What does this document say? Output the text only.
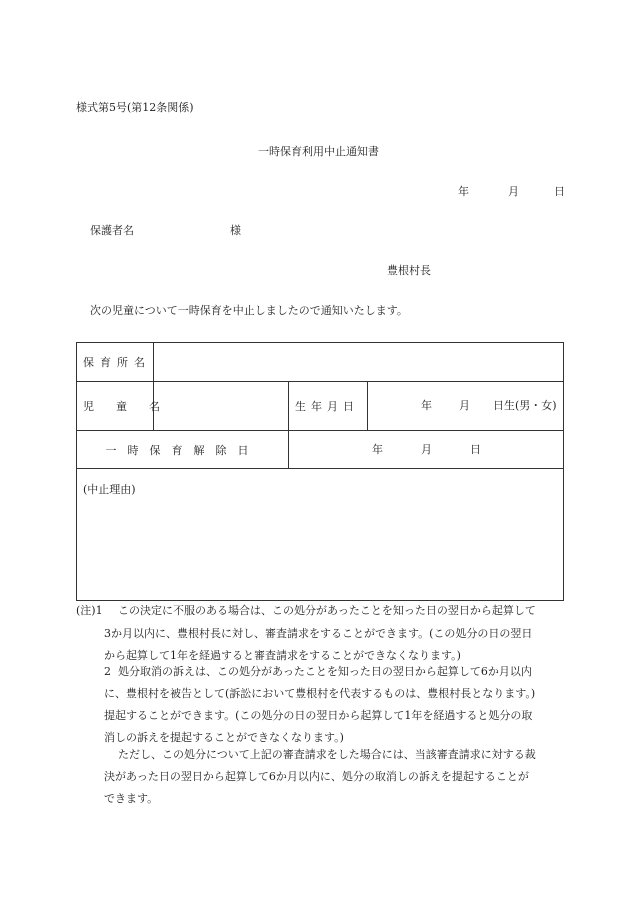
様式第5号(第12条関係)
一時保育利用中止通知書
年	月	日
保護者名	様
豊根村長
次の児童について一時保育を中止しましたので通知いたします。
保育所名			
児童名		生年月日	年 月 日生(男・女)

一時保育解除日		年 月 日	

(中止理由)			
(注)1 この決定に不服のある場合は、この処分があったことを知った日の翌日から起算して
3か月以内に、豊根村長に対し、審査請求をすることができます。(この処分の日の翌日
から起算して1年を経過すると審査請求をすることができなくなります。)
2 処分取消の訴えは、この処分があったことを知った日の翌日から起算して6か月以内
に、豊根村を被告として(訴訟において豊根村を代表するものは、豊根村長となります。)
提起することができます。(この処分の日の翌日から起算して1年を経過すると処分の取
消しの訴えを提起することができなくなります。)
ただし、この処分について上記の審査請求をした場合には、当該審査請求に対する裁
決があった日の翌日から起算して6か月以内に、処分の取消しの訴えを提起することが
できます。
